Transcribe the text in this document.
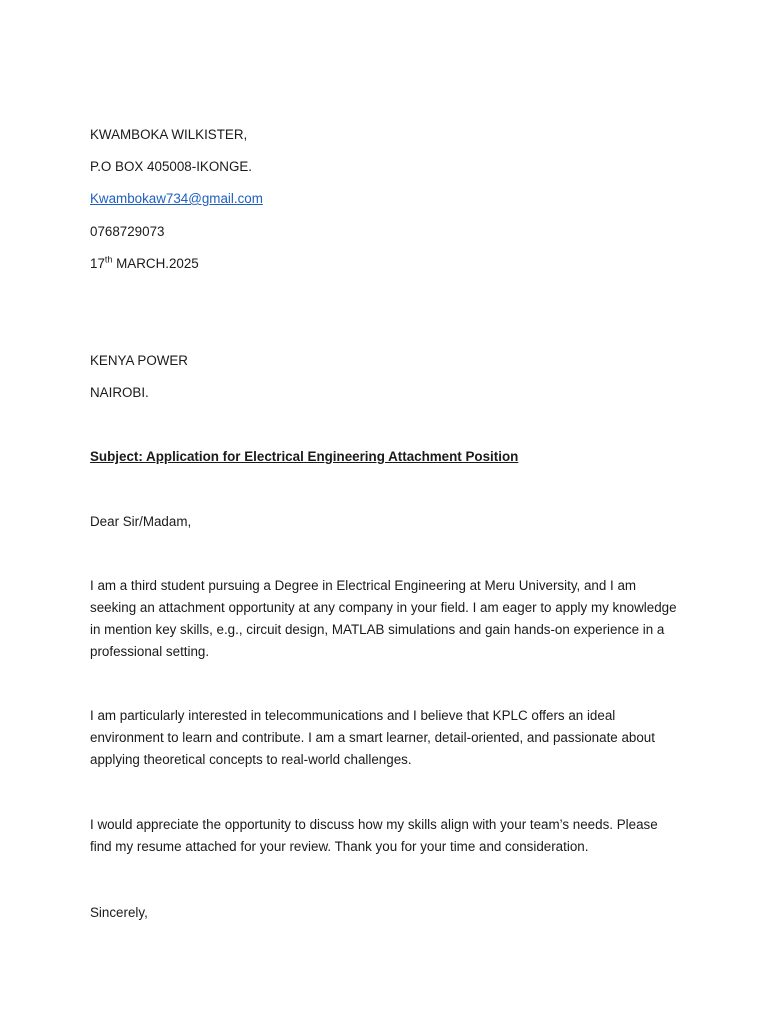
KWAMBOKA WILKISTER,
P.O BOX 405008-IKONGE.
Kwambokaw734@gmail.com
0768729073
17th MARCH.2025
KENYA POWER
NAIROBI.
Subject: Application for Electrical Engineering Attachment Position
Dear Sir/Madam,
I am a third student pursuing a Degree in Electrical Engineering at Meru University, and I am seeking an attachment opportunity at any company in your field. I am eager to apply my knowledge in mention key skills, e.g., circuit design, MATLAB simulations and gain hands-on experience in a professional setting.
I am particularly interested in telecommunications and I believe that KPLC offers an ideal environment to learn and contribute. I am a smart learner, detail-oriented, and passionate about applying theoretical concepts to real-world challenges.
I would appreciate the opportunity to discuss how my skills align with your team’s needs. Please find my resume attached for your review. Thank you for your time and consideration.
Sincerely,
